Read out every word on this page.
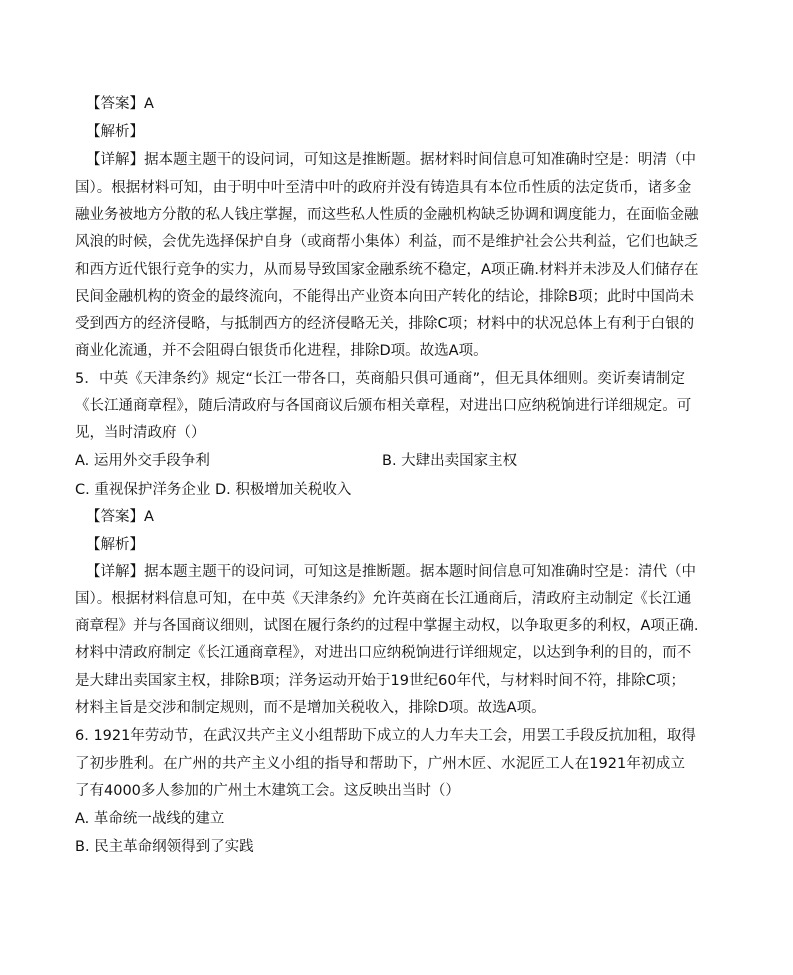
【答案】A
【解析】
【详解】据本题主题干的设问词，可知这是推断题。据材料时间信息可知准确时空是：明清（中
国）。根据材料可知，由于明中叶至清中叶的政府并没有铸造具有本位币性质的法定货币，诸多金
融业务被地方分散的私人钱庄掌握，而这些私人性质的金融机构缺乏协调和调度能力，在面临金融
风浪的时候，会优先选择保护自身（或商帮小集体）利益，而不是维护社会公共利益，它们也缺乏
和西方近代银行竞争的实力，从而易导致国家金融系统不稳定，A项正确.材料并未涉及人们储存在
民间金融机构的资金的最终流向，不能得出产业资本向田产转化的结论，排除B项；此时中国尚未
受到西方的经济侵略，与抵制西方的经济侵略无关，排除C项；材料中的状况总体上有利于白银的
商业化流通，并不会阻碍白银货币化进程，排除D项。故选A项。
5．中英《天津条约》规定“长江一带各口，英商船只俱可通商”，但无具体细则。奕䜣奏请制定
《长江通商章程》，随后清政府与各国商议后颁布相关章程，对进出口应纳税饷进行详细规定。可
见，当时清政府（）
A. 运用外交手段争利	B. 大肆出卖国家主权
C. 重视保护洋务企业 D. 积极增加关税收入
【答案】A
【解析】
【详解】据本题主题干的设问词，可知这是推断题。据本题时间信息可知准确时空是：清代（中
国）。根据材料信息可知，在中英《天津条约》允许英商在长江通商后，清政府主动制定《长江通
商章程》并与各国商议细则，试图在履行条约的过程中掌握主动权，以争取更多的利权，A项正确.
材料中清政府制定《长江通商章程》，对进出口应纳税饷进行详细规定，以达到争利的目的，而不
是大肆出卖国家主权，排除B项；洋务运动开始于19世纪60年代，与材料时间不符，排除C项；
材料主旨是交涉和制定规则，而不是增加关税收入，排除D项。故选A项。
6. 1921年劳动节，在武汉共产主义小组帮助下成立的人力车夫工会，用罢工手段反抗加租，取得
了初步胜利。在广州的共产主义小组的指导和帮助下，广州木匠、水泥匠工人在1921年初成立
了有4000多人参加的广州土木建筑工会。这反映出当时（）
A. 革命统一战线的建立
B. 民主革命纲领得到了实践
